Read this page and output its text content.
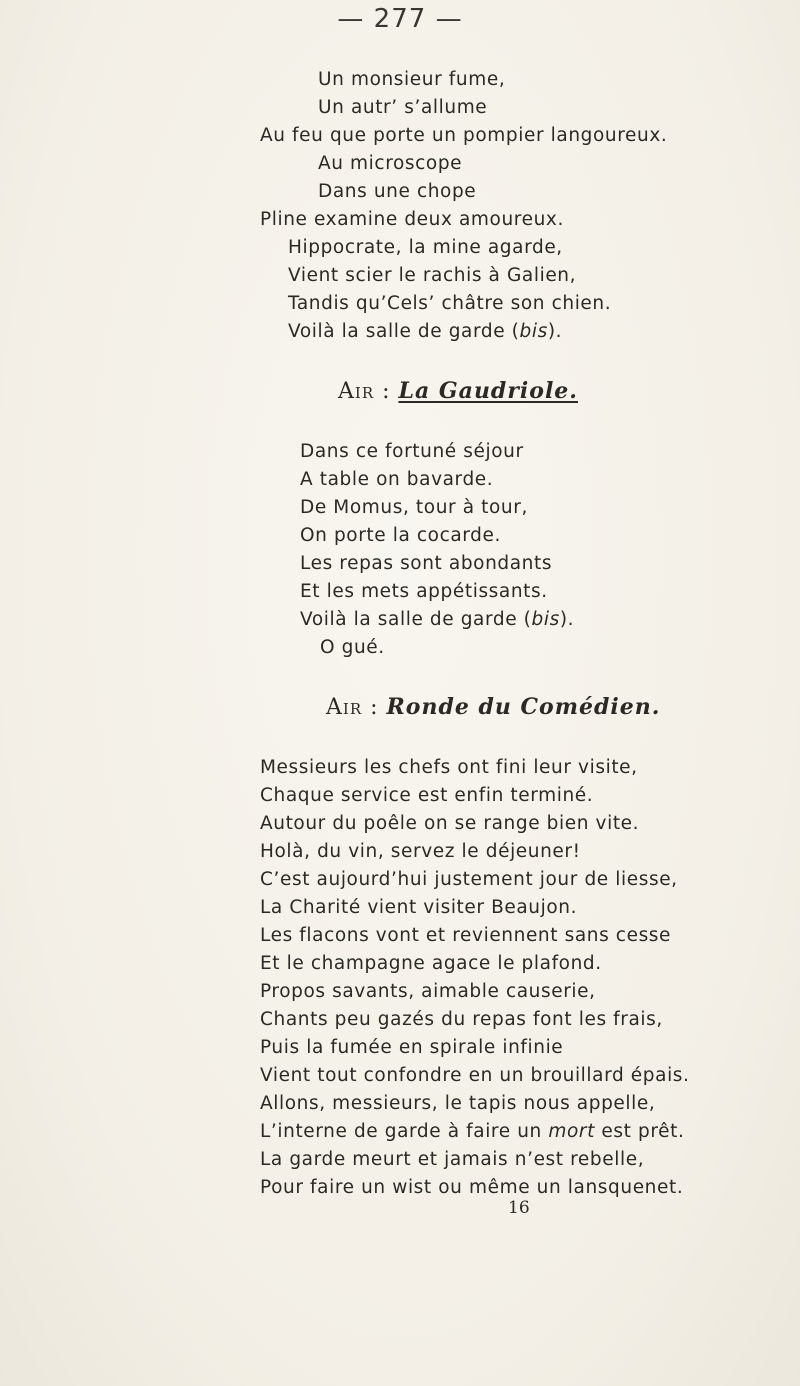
— 277 —
Un monsieur fume,
Un autr’ s’allume
Au feu que porte un pompier langoureux.
Au microscope
Dans une chope
Pline examine deux amoureux.
Hippocrate, la mine agarde,
Vient scier le rachis à Galien,
Tandis qu’Cels’ châtre son chien.
Voilà la salle de garde (bis).
Air : La Gaudriole.
Dans ce fortuné séjour
A table on bavarde.
De Momus, tour à tour,
On porte la cocarde.
Les repas sont abondants
Et les mets appétissants.
Voilà la salle de garde (bis).
O gué.
Air : Ronde du Comédien.
Messieurs les chefs ont fini leur visite,
Chaque service est enfin terminé.
Autour du poêle on se range bien vite.
Holà, du vin, servez le déjeuner!
C’est aujourd’hui justement jour de liesse,
La Charité vient visiter Beaujon.
Les flacons vont et reviennent sans cesse
Et le champagne agace le plafond.
Propos savants, aimable causerie,
Chants peu gazés du repas font les frais,
Puis la fumée en spirale infinie
Vient tout confondre en un brouillard épais.
Allons, messieurs, le tapis nous appelle,
L’interne de garde à faire un mort est prêt.
La garde meurt et jamais n’est rebelle,
Pour faire un wist ou même un lansquenet.
16
